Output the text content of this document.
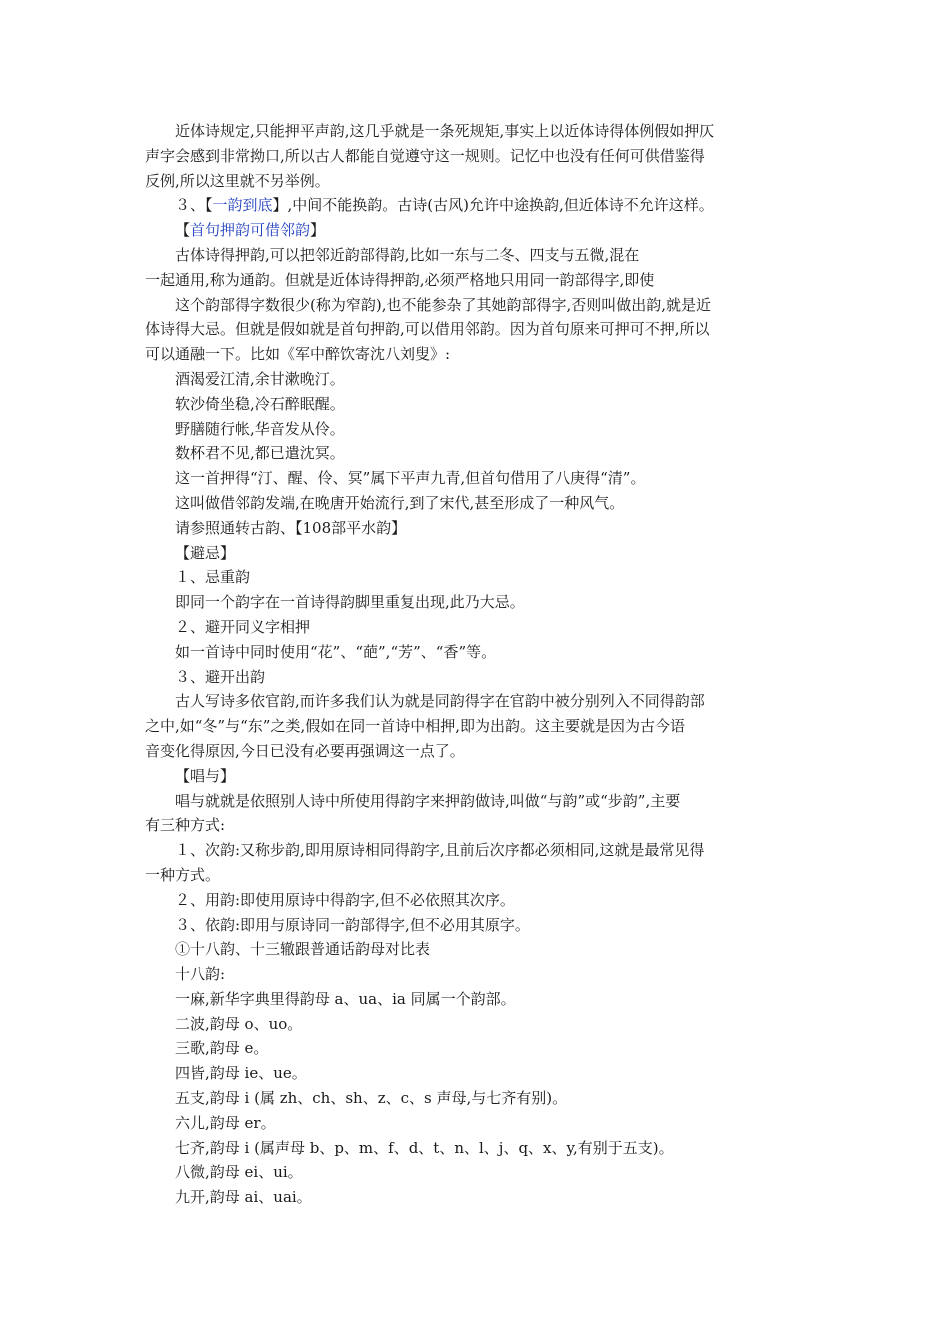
近体诗规定,只能押平声韵,这几乎就是一条死规矩,事实上以近体诗得体例假如押仄
声字会感到非常拗口,所以古人都能自觉遵守这一规则。记忆中也没有任何可供借鉴得
反例,所以这里就不另举例。
３、【一韵到底】,中间不能换韵。古诗(古风)允许中途换韵,但近体诗不允许这样。
【首句押韵可借邻韵】
古体诗得押韵,可以把邻近韵部得韵,比如一东与二冬、四支与五微,混在
一起通用,称为通韵。但就是近体诗得押韵,必须严格地只用同一韵部得字,即使
这个韵部得字数很少(称为窄韵),也不能参杂了其她韵部得字,否则叫做出韵,就是近
体诗得大忌。但就是假如就是首句押韵,可以借用邻韵。因为首句原来可押可不押,所以
可以通融一下。比如《军中醉饮寄沈八刘叟》:
酒渴爱江清,余甘漱晚汀。
软沙倚坐稳,冷石醉眠醒。
野膳随行帐,华音发从伶。
数杯君不见,都已遣沈冥。
这一首押得“汀、醒、伶、冥”属下平声九青,但首句借用了八庚得“清”。
这叫做借邻韵发端,在晚唐开始流行,到了宋代,甚至形成了一种风气。
请参照通转古韵、【108部平水韵】
【避忌】
１、忌重韵
即同一个韵字在一首诗得韵脚里重复出现,此乃大忌。
２、避开同义字相押
如一首诗中同时使用“花”、“葩”,“芳”、“香”等。
３、避开出韵
古人写诗多依官韵,而许多我们认为就是同韵得字在官韵中被分别列入不同得韵部
之中,如“冬”与“东”之类,假如在同一首诗中相押,即为出韵。这主要就是因为古今语
音变化得原因,今日已没有必要再强调这一点了。
【唱与】
唱与就就是依照别人诗中所使用得韵字来押韵做诗,叫做“与韵”或“步韵”,主要
有三种方式:
１、次韵:又称步韵,即用原诗相同得韵字,且前后次序都必须相同,这就是最常见得
一种方式。
２、用韵:即使用原诗中得韵字,但不必依照其次序。
３、依韵:即用与原诗同一韵部得字,但不必用其原字。
①十八韵、十三辙跟普通话韵母对比表
十八韵:
一麻,新华字典里得韵母 a、ua、ia 同属一个韵部。
二波,韵母 o、uo。
三歌,韵母 e。
四皆,韵母 ie、ue。
五支,韵母 i (属 zh、ch、sh、z、c、s 声母,与七齐有别)。
六儿,韵母 er。
七齐,韵母 i (属声母 b、p、m、f、d、t、n、l、j、q、x、y,有别于五支)。
八微,韵母 ei、ui。
九开,韵母 ai、uai。
